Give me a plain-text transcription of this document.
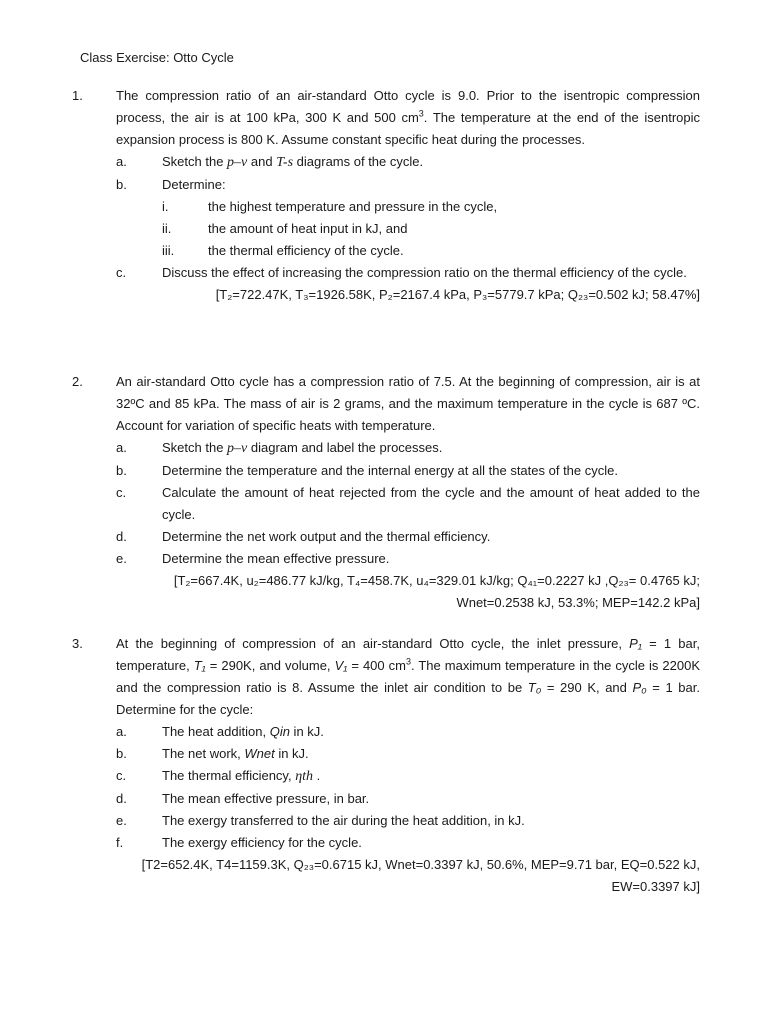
Class Exercise: Otto Cycle
1.	The compression ratio of an air-standard Otto cycle is 9.0. Prior to the isentropic compression process, the air is at 100 kPa, 300 K and 500 $cm^3$. The temperature at the end of the isentropic expansion process is 800 K. Assume constant specific heat during the processes.
a.	Sketch the p–v and T-s diagrams of the cycle.
b.	Determine:
i.	the highest temperature and pressure in the cycle,
ii.	the amount of heat input in kJ, and
iii.	the thermal efficiency of the cycle.
c.	Discuss the effect of increasing the compression ratio on the thermal efficiency of the cycle.
[T₂=722.47K, T₃=1926.58K, P₂=2167.4 kPa, P₃=5779.7 kPa; Q₂₃=0.502 kJ; 58.47%]
2.	An air-standard Otto cycle has a compression ratio of 7.5. At the beginning of compression, air is at 32ºC and 85 kPa. The mass of air is 2 grams, and the maximum temperature in the cycle is 687 ºC. Account for variation of specific heats with temperature.
a.	Sketch the p–v diagram and label the processes.
b.	Determine the temperature and the internal energy at all the states of the cycle.
c.	Calculate the amount of heat rejected from the cycle and the amount of heat added to the cycle.
d.	Determine the net work output and the thermal efficiency.
e.	Determine the mean effective pressure.
[T₂=667.4K, u₂=486.77 kJ/kg, T₄=458.7K, u₄=329.01 kJ/kg; Q₄₁=0.2227 kJ ,Q₂₃= 0.4765 kJ;
Wnet=0.2538 kJ, 53.3%; MEP=142.2 kPa]
3.	At the beginning of compression of an air-standard Otto cycle, the inlet pressure, P₁ = 1 bar, temperature, T₁ = 290K, and volume, V₁ = 400 $cm^3$. The maximum temperature in the cycle is 2200K and the compression ratio is 8. Assume the inlet air condition to be T₀ = 290 K, and P₀ = 1 bar. Determine for the cycle:
a.	The heat addition, Qin in kJ.
b.	The net work, Wnet in kJ.
c.	The thermal efficiency, ηth .
d.	The mean effective pressure, in bar.
e.	The exergy transferred to the air during the heat addition, in kJ.
f.	The exergy efficiency for the cycle.
[T2=652.4K, T4=1159.3K, Q₂₃=0.6715 kJ, Wnet=0.3397 kJ, 50.6%, MEP=9.71 bar, EQ=0.522 kJ,
EW=0.3397 kJ]
